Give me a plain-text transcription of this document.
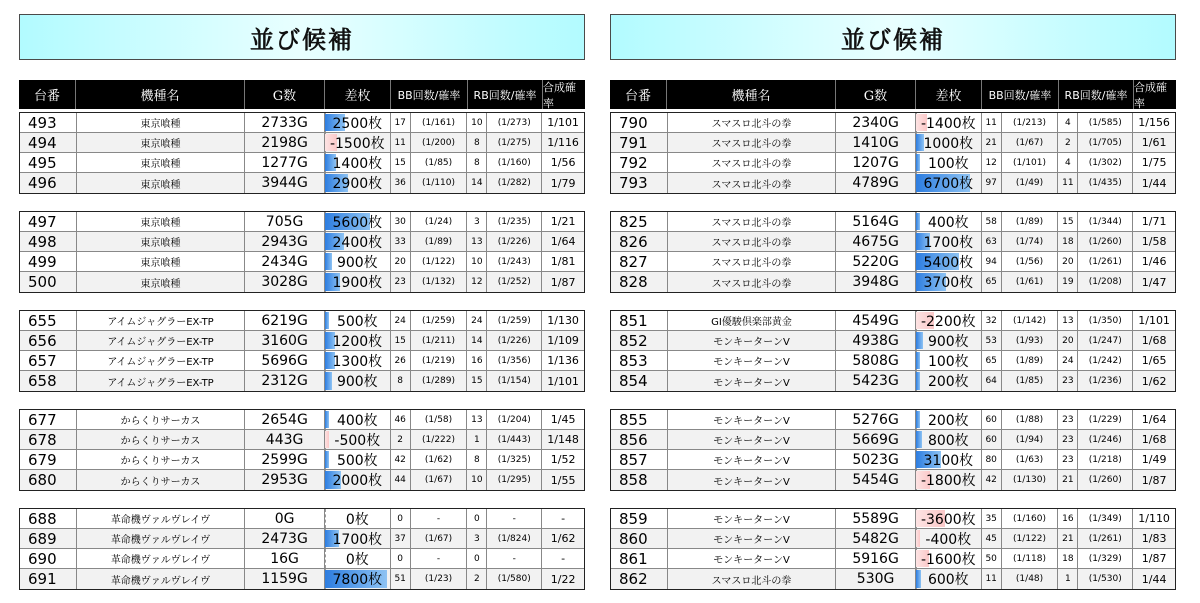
並び候補
台番	機種名	G数	差枚	BB回数/確率	RB回数/確率
合成確率
493	東京喰種	2733G	2500枚	17	(1/161)	10	(1/273)	1/101
494	東京喰種	2198G	-1500枚	11	(1/200)	8	(1/275)	1/116
495	東京喰種	1277G	1400枚	15	(1/85)	8	(1/160)	1/56
496	東京喰種	3944G	2900枚	36	(1/110)	14	(1/282)	1/79
497	東京喰種	705G	5600枚	30	(1/24)	3	(1/235)	1/21
498	東京喰種	2943G	2400枚	33	(1/89)	13	(1/226)	1/64
499	東京喰種	2434G	900枚	20	(1/122)	10	(1/243)	1/81
500	東京喰種	3028G	1900枚	23	(1/132)	12	(1/252)	1/87
655	アイムジャグラーEX-TP	6219G	500枚	24	(1/259)	24	(1/259)	1/130
656	アイムジャグラーEX-TP	3160G	1200枚	15	(1/211)	14	(1/226)	1/109
657	アイムジャグラーEX-TP	5696G	1300枚	26	(1/219)	16	(1/356)	1/136
658	アイムジャグラーEX-TP	2312G	900枚	8	(1/289)	15	(1/154)	1/101
677	からくりサーカス	2654G	400枚	46	(1/58)	13	(1/204)	1/45
678	からくりサーカス	443G	-500枚	2	(1/222)	1	(1/443)	1/148
679	からくりサーカス	2599G	500枚	42	(1/62)	8	(1/325)	1/52
680	からくりサーカス	2953G	2000枚	44	(1/67)	10	(1/295)	1/55
688	革命機ヴァルヴレイヴ	0G	0枚	0	-	0	-	-
689	革命機ヴァルヴレイヴ	2473G	1700枚	37	(1/67)	3	(1/824)	1/62
690	革命機ヴァルヴレイヴ	16G	0枚	0	-	0	-	-
691	革命機ヴァルヴレイヴ	1159G	7800枚	51	(1/23)	2	(1/580)	1/22
並び候補
台番	機種名	G数	差枚	BB回数/確率	RB回数/確率
合成確率
790	スマスロ北斗の拳	2340G	-1400枚	11	(1/213)	4	(1/585)	1/156
791	スマスロ北斗の拳	1410G	1000枚	21	(1/67)	2	(1/705)	1/61
792	スマスロ北斗の拳	1207G	100枚	12	(1/101)	4	(1/302)	1/75
793	スマスロ北斗の拳	4789G	6700枚	97	(1/49)	11	(1/435)	1/44
825	スマスロ北斗の拳	5164G	400枚	58	(1/89)	15	(1/344)	1/71
826	スマスロ北斗の拳	4675G	1700枚	63	(1/74)	18	(1/260)	1/58
827	スマスロ北斗の拳	5220G	5400枚	94	(1/56)	20	(1/261)	1/46
828	スマスロ北斗の拳	3948G	3700枚	65	(1/61)	19	(1/208)	1/47
851	GI優駿倶楽部黄金	4549G	-2200枚	32	(1/142)	13	(1/350)	1/101
852	モンキーターンV	4938G	900枚	53	(1/93)	20	(1/247)	1/68
853	モンキーターンV	5808G	100枚	65	(1/89)	24	(1/242)	1/65
854	モンキーターンV	5423G	200枚	64	(1/85)	23	(1/236)	1/62
855	モンキーターンV	5276G	200枚	60	(1/88)	23	(1/229)	1/64
856	モンキーターンV	5669G	800枚	60	(1/94)	23	(1/246)	1/68
857	モンキーターンV	5023G	3100枚	80	(1/63)	23	(1/218)	1/49
858	モンキーターンV	5454G	-1800枚	42	(1/130)	21	(1/260)	1/87
859	モンキーターンV	5589G	-3600枚	35	(1/160)	16	(1/349)	1/110
860	モンキーターンV	5482G	-400枚	45	(1/122)	21	(1/261)	1/83
861	モンキーターンV	5916G	-1600枚	50	(1/118)	18	(1/329)	1/87
862	スマスロ北斗の拳	530G	600枚	11	(1/48)	1	(1/530)	1/44
